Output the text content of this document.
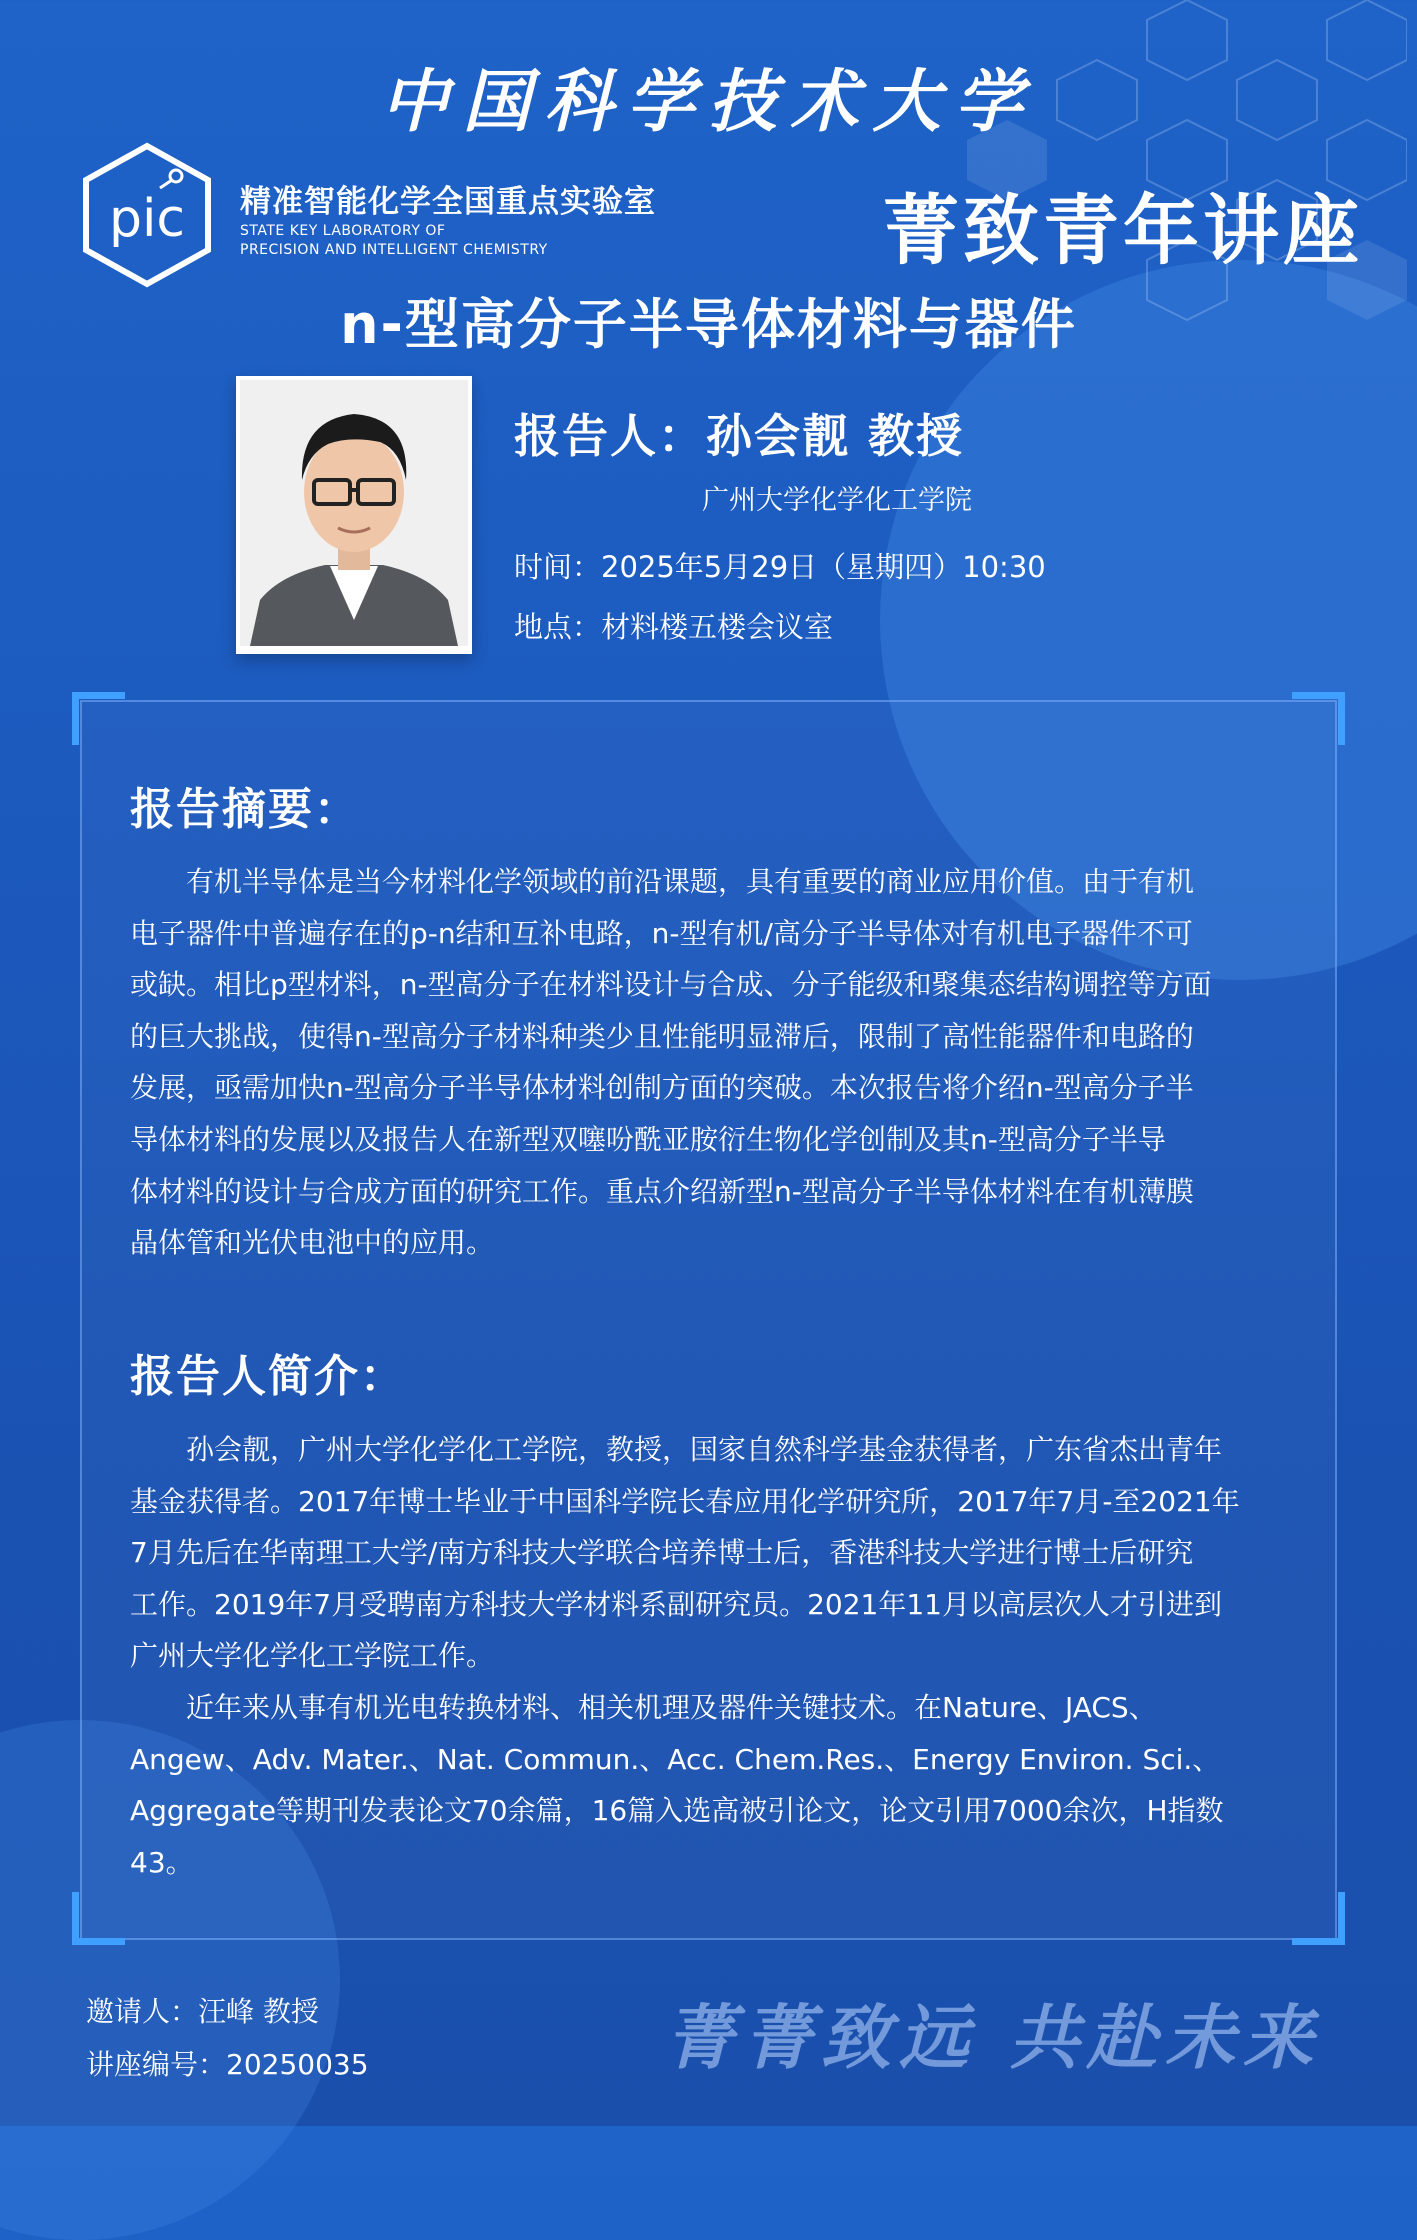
中国科学技术大学
pic 精准智能化学全国重点实验室
STATE KEY LABORATORY OF
PRECISION AND INTELLIGENT CHEMISTRY	菁致青年讲座
n-型高分子半导体材料与器件
报告人：孙会靓 教授
广州大学化学化工学院
时间：2025年5月29日（星期四）10:30
地点：材料楼五楼会议室
报告摘要：
　　有机半导体是当今材料化学领域的前沿课题，具有重要的商业应用价值。由于有机
电子器件中普遍存在的p-n结和互补电路，n-型有机/高分子半导体对有机电子器件不可
或缺。相比p型材料，n-型高分子在材料设计与合成、分子能级和聚集态结构调控等方面
的巨大挑战，使得n-型高分子材料种类少且性能明显滞后，限制了高性能器件和电路的
发展，亟需加快n-型高分子半导体材料创制方面的突破。本次报告将介绍n-型高分子半
导体材料的发展以及报告人在新型双噻吩酰亚胺衍生物化学创制及其n-型高分子半导
体材料的设计与合成方面的研究工作。重点介绍新型n-型高分子半导体材料在有机薄膜
晶体管和光伏电池中的应用。
报告人简介：
　　孙会靓，广州大学化学化工学院，教授，国家自然科学基金获得者，广东省杰出青年
基金获得者。2017年博士毕业于中国科学院长春应用化学研究所，2017年7月-至2021年
7月先后在华南理工大学/南方科技大学联合培养博士后，香港科技大学进行博士后研究
工作。2019年7月受聘南方科技大学材料系副研究员。2021年11月以高层次人才引进到
广州大学化学化工学院工作。
　　近年来从事有机光电转换材料、相关机理及器件关键技术。在Nature、JACS、
Angew、Adv. Mater.、Nat. Commun.、Acc. Chem.Res.、Energy Environ. Sci.、
Aggregate等期刊发表论文70余篇，16篇入选高被引论文，论文引用7000余次，H指数
43。
邀请人：汪峰 教授
讲座编号：20250035	菁菁致远 共赴未来
